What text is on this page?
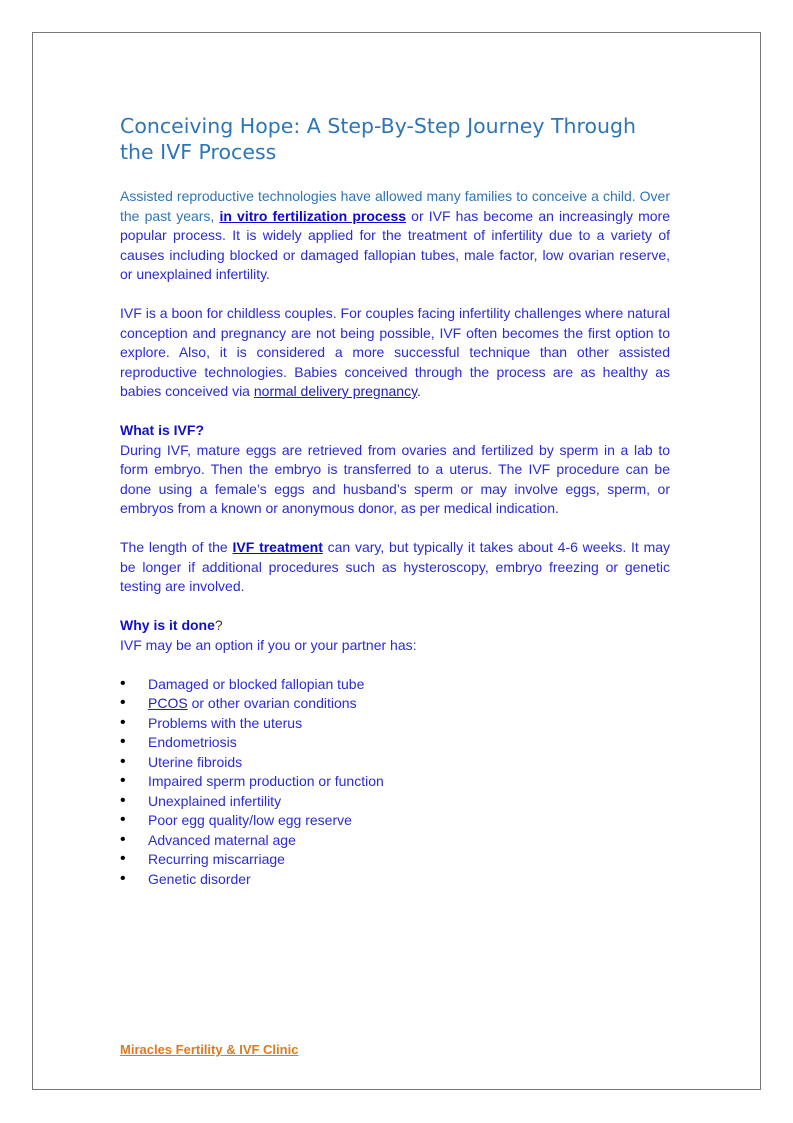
Conceiving Hope: A Step-By-Step Journey Through the IVF Process

Assisted reproductive technologies have allowed many families to conceive a child. Over the past years, in vitro fertilization process or IVF has become an increasingly more popular process. It is widely applied for the treatment of infertility due to a variety of causes including blocked or damaged fallopian tubes, male factor, low ovarian reserve, or unexplained infertility.

IVF is a boon for childless couples. For couples facing infertility challenges where natural conception and pregnancy are not being possible, IVF often becomes the first option to explore. Also, it is considered a more successful technique than other assisted reproductive technologies. Babies conceived through the process are as healthy as babies conceived via normal delivery pregnancy.

What is IVF?

During IVF, mature eggs are retrieved from ovaries and fertilized by sperm in a lab to form embryo. Then the embryo is transferred to a uterus. The IVF procedure can be done using a female’s eggs and husband’s sperm or may involve eggs, sperm, or embryos from a known or anonymous donor, as per medical indication.

The length of the IVF treatment can vary, but typically it takes about 4-6 weeks. It may be longer if additional procedures such as hysteroscopy, embryo freezing or genetic testing are involved.

Why is it done?
IVF may be an option if you or your partner has:
• Damaged or blocked fallopian tube
• PCOS or other ovarian conditions
• Problems with the uterus
• Endometriosis
• Uterine fibroids
• Impaired sperm production or function
• Unexplained infertility
• Poor egg quality/low egg reserve
• Advanced maternal age
• Recurring miscarriage
• Genetic disorder
Miracles Fertility & IVF Clinic
